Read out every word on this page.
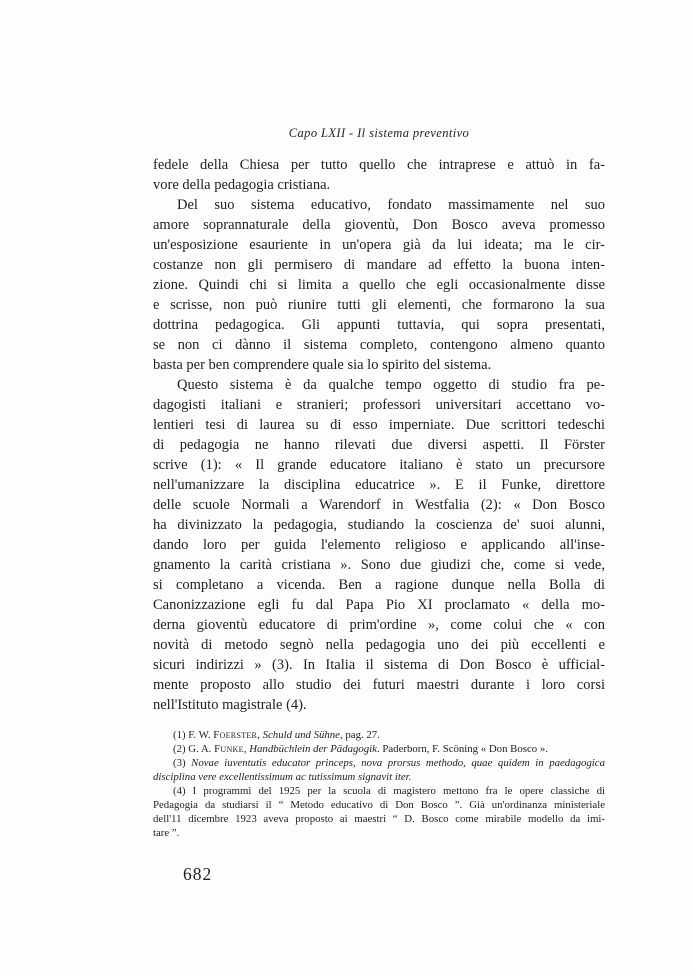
Capo LXII - Il sistema preventivo
fedele della Chiesa per tutto quello che intraprese e attuò in fa-
vore della pedagogia cristiana.
Del suo sistema educativo, fondato massimamente nel suo
amore soprannaturale della gioventù, Don Bosco aveva promesso
un'esposizione esauriente in un'opera già da lui ideata; ma le cir-
costanze non gli permisero di mandare ad effetto la buona inten-
zione. Quindi chi si limita a quello che egli occasionalmente disse
e scrisse, non può riunire tutti gli elementi, che formarono la sua
dottrina pedagogica. Gli appunti tuttavia, qui sopra presentati,
se non ci dànno il sistema completo, contengono almeno quanto
basta per ben comprendere quale sia lo spirito del sistema.
Questo sistema è da qualche tempo oggetto di studio fra pe-
dagogisti italiani e stranieri; professori universitari accettano vo-
lentieri tesi di laurea su di esso imperniate. Due scrittori tedeschi
di pedagogia ne hanno rilevati due diversi aspetti. Il Förster
scrive (1): « Il grande educatore italiano è stato un precursore
nell'umanizzare la disciplina educatrice ». E il Funke, direttore
delle scuole Normali a Warendorf in Westfalia (2): « Don Bosco
ha divinizzato la pedagogia, studiando la coscienza de' suoi alunni,
dando loro per guida l'elemento religioso e applicando all'inse-
gnamento la carità cristiana ». Sono due giudizi che, come si vede,
si completano a vicenda. Ben a ragione dunque nella Bolla di
Canonizzazione egli fu dal Papa Pio XI proclamato « della mo-
derna gioventù educatore di prim'ordine », come colui che « con
novità di metodo segnò nella pedagogia uno dei più eccellenti e
sicuri indirizzi » (3). In Italia il sistema di Don Bosco è ufficial-
mente proposto allo studio dei futuri maestri durante i loro corsi
nell'Istituto magistrale (4).
(1) F. W. Foerster, Schuld und Sühne, pag. 27.
(2) G. A. Funke, Handbüchlein der Pädagogik. Paderborn, F. Scöning « Don Bosco ».
(3) Novae iuventutis educator princeps, nova prorsus methodo, quae quidem in paedagogica
disciplina vere excellentissimum ac tutissimum signavit iter.
(4) I programmi del 1925 per la scuola di magistero mettono fra le opere classiche di
Pedagogia da studiarsi il “ Metodo educativo di Don Bosco ”. Già un'ordinanza ministeriale
dell'11 dicembre 1923 aveva proposto ai maestri “ D. Bosco come mirabile modello da imi-
tare ”.
682
